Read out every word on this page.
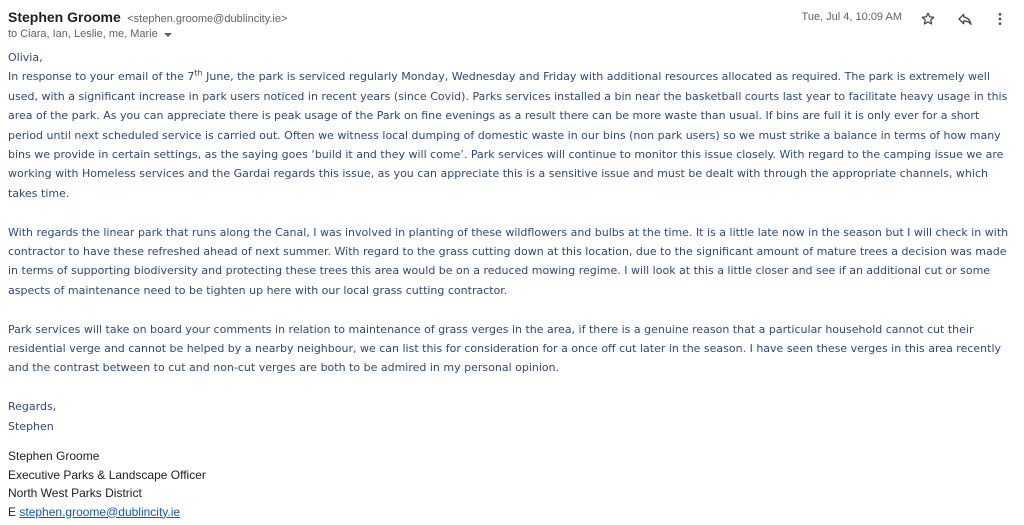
Stephen Groome <stephen.groome@dublincity.ie>
to Ciara, Ian, Leslie, me, Marie
Tue, Jul 4, 10:09 AM

Olivia,

In response to your email of the 7th June, the park is serviced regularly Monday, Wednesday and Friday with additional resources allocated as required. The park is extremely well used, with a significant increase in park users noticed in recent years (since Covid). Parks services installed a bin near the basketball courts last year to facilitate heavy usage in this area of the park. As you can appreciate there is peak usage of the Park on fine evenings as a result there can be more waste than usual. If bins are full it is only ever for a short period until next scheduled service is carried out. Often we witness local dumping of domestic waste in our bins (non park users) so we must strike a balance in terms of how many bins we provide in certain settings, as the saying goes ‘build it and they will come’. Park services will continue to monitor this issue closely. With regard to the camping issue we are working with Homeless services and the Gardai regards this issue, as you can appreciate this is a sensitive issue and must be dealt with through the appropriate channels, which takes time.

With regards the linear park that runs along the Canal, I was involved in planting of these wildflowers and bulbs at the time. It is a little late now in the season but I will check in with contractor to have these refreshed ahead of next summer. With regard to the grass cutting down at this location, due to the significant amount of mature trees a decision was made in terms of supporting biodiversity and protecting these trees this area would be on a reduced mowing regime. I will look at this a little closer and see if an additional cut or some aspects of maintenance need to be tighten up here with our local grass cutting contractor.

Park services will take on board your comments in relation to maintenance of grass verges in the area, if there is a genuine reason that a particular household cannot cut their residential verge and cannot be helped by a nearby neighbour, we can list this for consideration for a once off cut later in the season. I have seen these verges in this area recently and the contrast between to cut and non-cut verges are both to be admired in my personal opinion.

Regards,

Stephen

Stephen Groome
Executive Parks & Landscape Officer
North West Parks District
E stephen.groome@dublincity.ie
